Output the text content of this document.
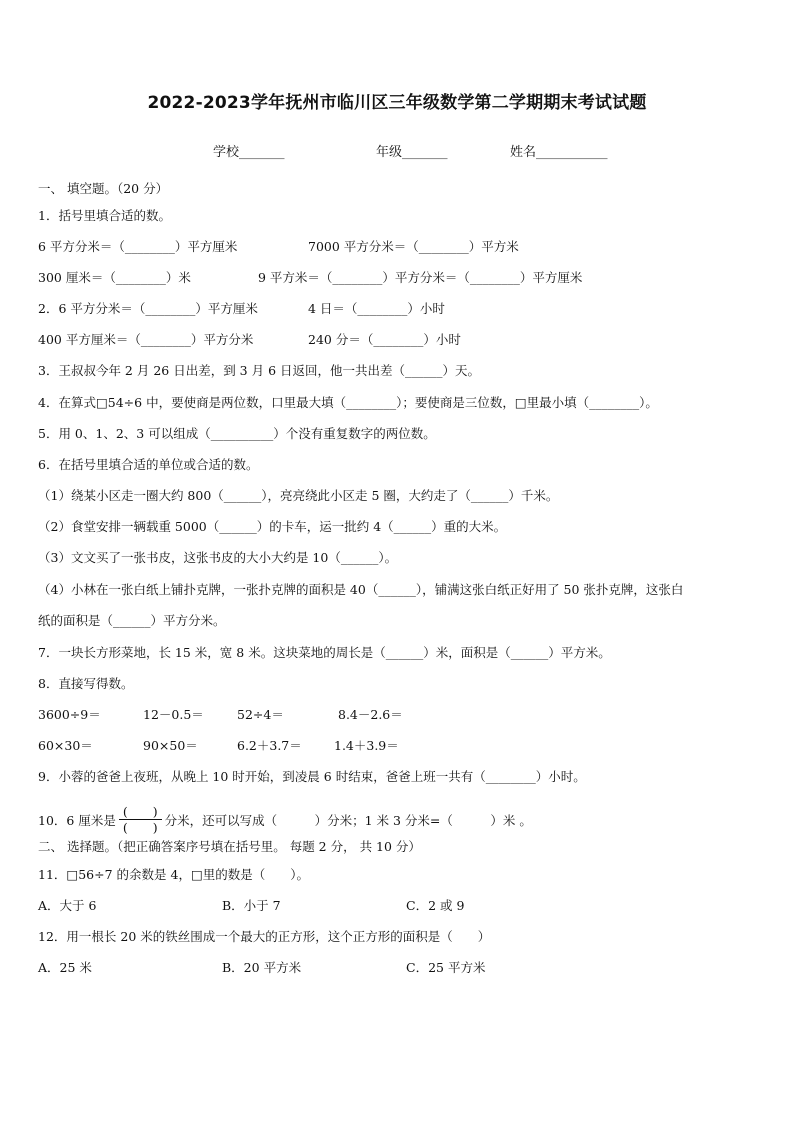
2022-2023学年抚州市临川区三年级数学第二学期期末考试试题
学校_______	年级_______	姓名___________
一、 填空题。（20 分）
1．括号里填合适的数。
6 平方分米＝（________）平方厘米	7000 平方分米＝（________）平方米
300 厘米＝（________）米	9 平方米＝（________）平方分米＝（________）平方厘米
2．6 平方分米＝（________）平方厘米	4 日＝（________）小时
400 平方厘米＝（________）平方分米	240 分＝（________）小时
3．王叔叔今年 2 月 26 日出差，到 3 月 6 日返回，他一共出差（______）天。
4．在算式□54÷6 中，要使商是两位数，口里最大填（________）；要使商是三位数，□里最小填（________）。
5．用 0、1、2、3 可以组成（__________）个没有重复数字的两位数。
6．在括号里填合适的单位或合适的数。
（1）绕某小区走一圈大约 800（______），亮亮绕此小区走 5 圈，大约走了（______）千米。
（2）食堂安排一辆载重 5000（______）的卡车，运一批约 4（______）重的大米。
（3）文文买了一张书皮，这张书皮的大小大约是 10（______）。
（4）小林在一张白纸上铺扑克牌，一张扑克牌的面积是 40（______），铺满这张白纸正好用了 50 张扑克牌，这张白
纸的面积是（______）平方分米。
7．一块长方形菜地，长 15 米，宽 8 米。这块菜地的周长是（______）米，面积是（______）平方米。
8．直接写得数。
3600÷9＝	12－0.5＝	52÷4＝	8.4－2.6＝
60×30＝	90×50＝	6.2＋3.7＝	1.4＋3.9＝
9．小蓉的爸爸上夜班，从晚上 10 时开始，到凌晨 6 时结束，爸爸上班一共有（________）小时。
10．6 厘米是 $\frac{( )}{( )}$ 分米，还可以写成（　　　）分米；1 米 3 分米=（　　　）米 。
二、 选择题。（把正确答案序号填在括号里。 每题 2 分， 共 10 分）
11．□56÷7 的余数是 4，□里的数是（　　）。
A．大于 6	B．小于 7	C．2 或 9
12．用一根长 20 米的铁丝围成一个最大的正方形，这个正方形的面积是（　　）
A．25 米	B．20 平方米	C．25 平方米
